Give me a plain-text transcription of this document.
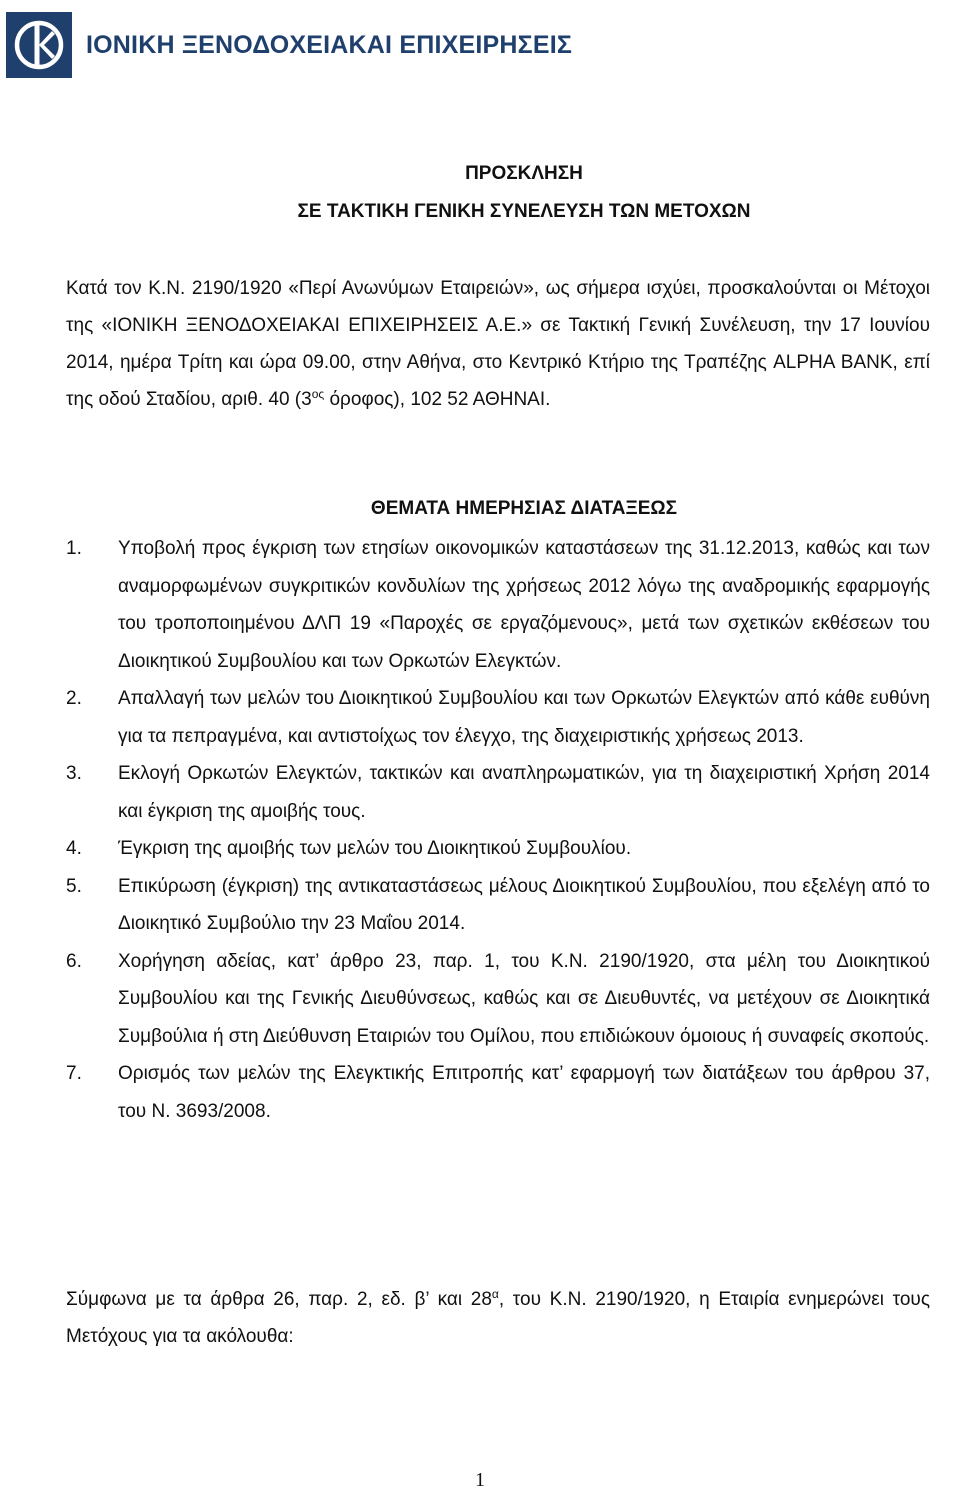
ΙΟΝΙΚΗ ΞΕΝΟΔΟΧΕΙΑΚΑΙ ΕΠΙΧΕΙΡΗΣΕΙΣ
ΠΡΟΣΚΛΗΣΗ
ΣΕ ΤΑΚΤΙΚΗ ΓΕΝΙΚΗ ΣΥΝΕΛΕΥΣΗ ΤΩΝ ΜΕΤΟΧΩΝ

Κατά τον Κ.Ν. 2190/1920 «Περί Ανωνύμων Εταιρειών», ως σήμερα ισχύει, προσκαλούνται οι Μέτοχοι της «ΙΟΝΙΚΗ ΞΕΝΟΔΟΧΕΙΑΚΑΙ ΕΠΙΧΕΙΡΗΣΕΙΣ Α.Ε.» σε Τακτική Γενική Συνέλευση, την 17 Ιουνίου 2014, ημέρα Τρίτη και ώρα 09.00, στην Αθήνα, στο Κεντρικό Κτήριο της Τραπέζης ALPHA BANK, επί της οδού Σταδίου, αριθ. 40 ($3^{o\varsigma}$ όροφος), 102 52 ΑΘΗΝΑΙ.

ΘΕΜΑΤΑ ΗΜΕΡΗΣΙΑΣ ΔΙΑΤΑΞΕΩΣ
1.	Υποβολή προς έγκριση των ετησίων οικονομικών καταστάσεων της 31.12.2013, καθώς και των αναμορφωμένων συγκριτικών κονδυλίων της χρήσεως 2012 λόγω της αναδρομικής εφαρμογής του τροποποιημένου ΔΛΠ 19 «Παροχές σε εργαζόμενους», μετά των σχετικών εκθέσεων του Διοικητικού Συμβουλίου και των Ορκωτών Ελεγκτών.
2.	Απαλλαγή των μελών του Διοικητικού Συμβουλίου και των Ορκωτών Ελεγκτών από κάθε ευθύνη για τα πεπραγμένα, και αντιστοίχως τον έλεγχο, της διαχειριστικής χρήσεως 2013.
3.	Εκλογή Ορκωτών Ελεγκτών, τακτικών και αναπληρωματικών, για τη διαχειριστική Χρήση 2014 και έγκριση της αμοιβής τους.
4.	Έγκριση της αμοιβής των μελών του Διοικητικού Συμβουλίου.
5.	Επικύρωση (έγκριση) της αντικαταστάσεως μέλους Διοικητικού Συμβουλίου, που εξελέγη από το Διοικητικό Συμβούλιο την 23 Μαΐου 2014.
6.	Χορήγηση αδείας, κατ’ άρθρο 23, παρ. 1, του Κ.Ν. 2190/1920, στα μέλη του Διοικητικού Συμβουλίου και της Γενικής Διευθύνσεως, καθώς και σε Διευθυντές, να μετέχουν σε Διοικητικά Συμβούλια ή στη Διεύθυνση Εταιριών του Ομίλου, που επιδιώκουν όμοιους ή συναφείς σκοπούς.
7.	Ορισμός των μελών της Ελεγκτικής Επιτροπής κατ’ εφαρμογή των διατάξεων του άρθρου 37, του Ν. 3693/2008.

Σύμφωνα με τα άρθρα 26, παρ. 2, εδ. β’ και $28^\alpha$, του Κ.Ν. 2190/1920, η Εταιρία ενημερώνει τους Μετόχους για τα ακόλουθα:

1
